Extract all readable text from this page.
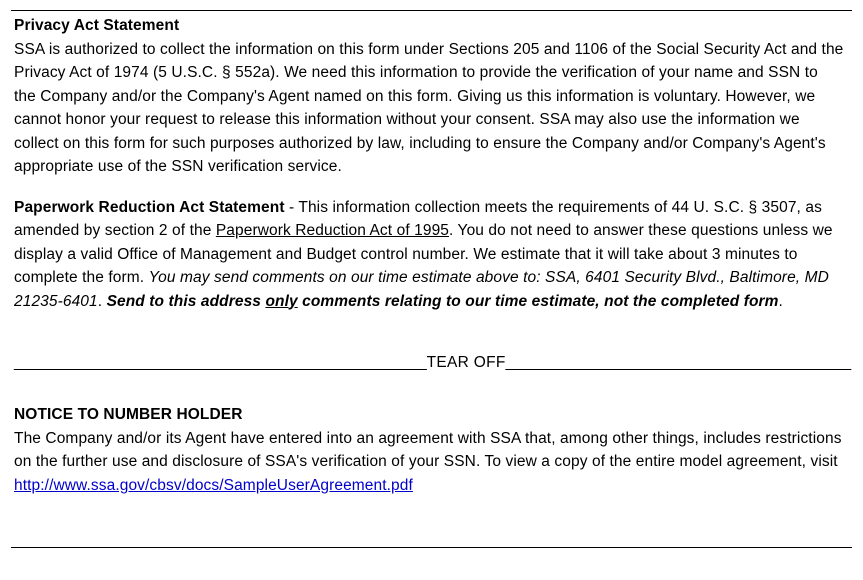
Privacy Act Statement
SSA is authorized to collect the information on this form under Sections 205 and 1106 of the Social Security Act and the Privacy Act of 1974 (5 U.S.C. § 552a). We need this information to provide the verification of your name and SSN to the Company and/or the Company's Agent named on this form. Giving us this information is voluntary. However, we cannot honor your request to release this information without your consent. SSA may also use the information we collect on this form for such purposes authorized by law, including to ensure the Company and/or Company's Agent's appropriate use of the SSN verification service.
Paperwork Reduction Act Statement - This information collection meets the requirements of 44 U. S.C. § 3507, as amended by section 2 of the Paperwork Reduction Act of 1995. You do not need to answer these questions unless we display a valid Office of Management and Budget control number. We estimate that it will take about 3 minutes to complete the form. You may send comments on our time estimate above to: SSA, 6401 Security Blvd., Baltimore, MD 21235-6401. Send to this address only comments relating to our time estimate, not the completed form.
_________________________________________________TEAR OFF_________________________________________
NOTICE TO NUMBER HOLDER
The Company and/or its Agent have entered into an agreement with SSA that, among other things, includes restrictions on the further use and disclosure of SSA's verification of your SSN. To view a copy of the entire model agreement, visit http://www.ssa.gov/cbsv/docs/SampleUserAgreement.pdf
